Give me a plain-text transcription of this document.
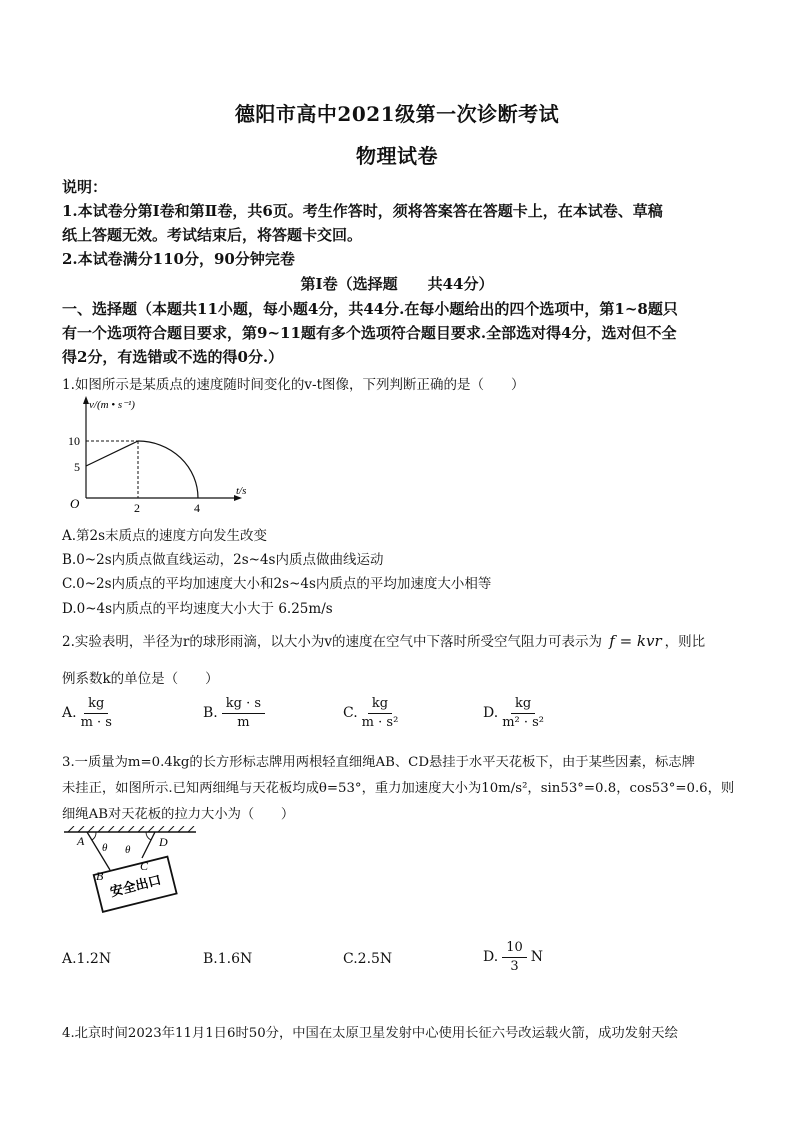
德阳市高中2021级第一次诊断考试
物理试卷
说明：
1.本试卷分第Ⅰ卷和第Ⅱ卷，共6页。考生作答时，须将答案答在答题卡上，在本试卷、草稿
纸上答题无效。考试结束后，将答题卡交回。
2.本试卷满分110分，90分钟完卷
第Ⅰ卷（选择题　　共44分）
一、选择题（本题共11小题，每小题4分，共44分.在每小题给出的四个选项中，第1~8题只
有一个选项符合题目要求，第9~11题有多个选项符合题目要求.全部选对得4分，选对但不全
得2分，有选错或不选的得0分.）
1.如图所示是某质点的速度随时间变化的v-t图像，下列判断正确的是（　　）
v/(m • s⁻¹)
t/s
O
5
10
2	4
A.第2s末质点的速度方向发生改变
B.0~2s内质点做直线运动，2s~4s内质点做曲线运动
C.0~2s内质点的平均加速度大小和2s~4s内质点的平均加速度大小相等
D.0~4s内质点的平均速度大小大于 6.25m/s
2.实验表明，半径为r的球形雨滴，以大小为v的速度在空气中下落时所受空气阻力可表示为 f = kvr ，则比
例系数k的单位是（　　）
A. $\frac{kg}{m \cdot s}$	B. $\frac{kg \cdot s}{m}$	C. $\frac{kg}{\text{m · s²}}$	D. $\frac{kg}{\text{m² · s²}}$
3.一质量为m=0.4kg的长方形标志牌用两根轻直细绳AB、CD悬挂于水平天花板下，由于某些因素，标志牌
未挂正，如图所示.已知两细绳与天花板均成θ=53°，重力加速度大小为10m/s²，sin53°=0.8，cos53°=0.6，则
细绳AB对天花板的拉力大小为（　　）
安全出口
A θ θ
D
C
B
A.1.2N	B.1.6N	C.2.5N	D. $\frac{10}{3}$ N
4.北京时间2023年11月1日6时50分，中国在太原卫星发射中心使用长征六号改运载火箭，成功发射天绘
